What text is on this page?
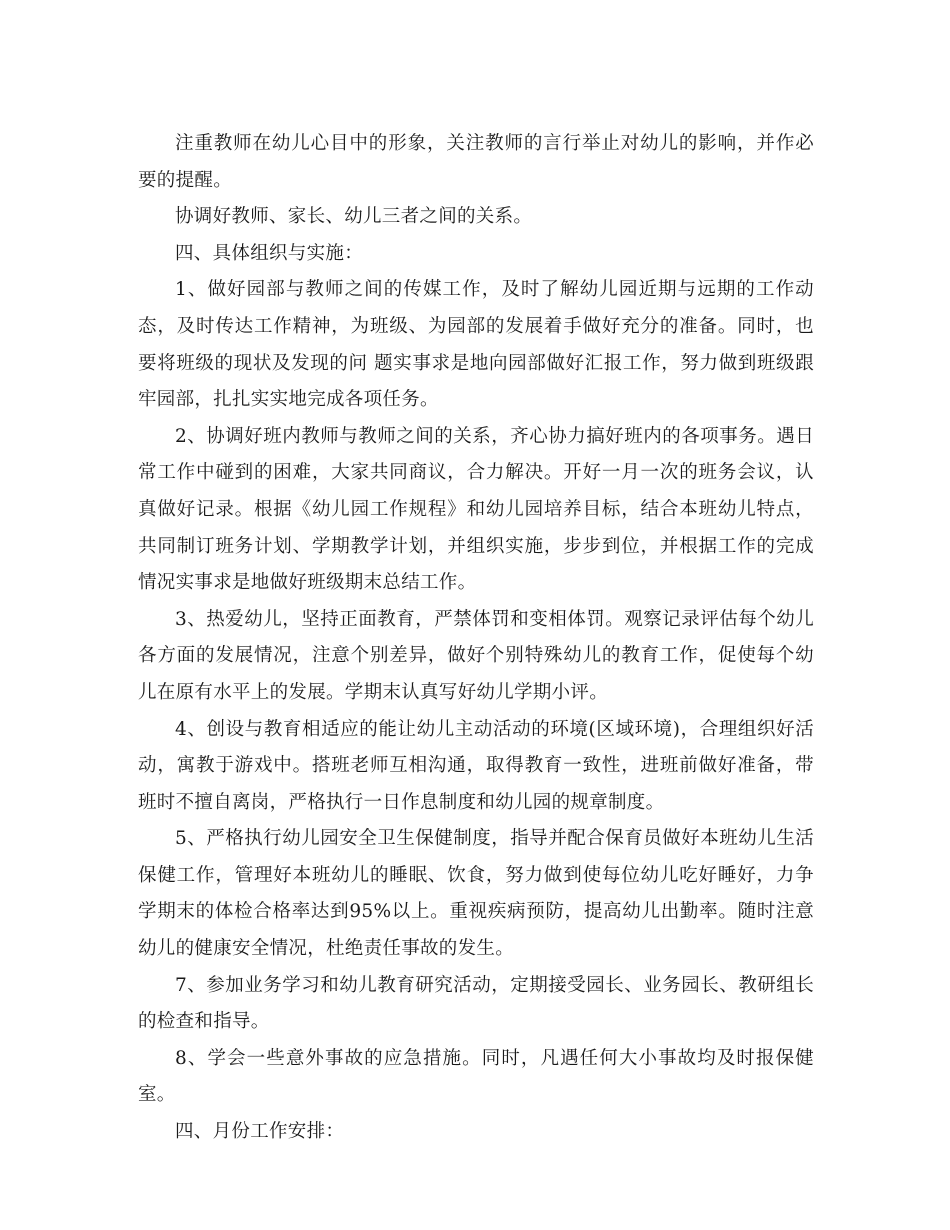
注重教师在幼儿心目中的形象，关注教师的言行举止对幼儿的影响，并作必要的提醒。

协调好教师、家长、幼儿三者之间的关系。

四、具体组织与实施：

1、做好园部与教师之间的传媒工作，及时了解幼儿园近期与远期的工作动态，及时传达工作精神，为班级、为园部的发展着手做好充分的准备。同时，也要将班级的现状及发现的问 题实事求是地向园部做好汇报工作，努力做到班级跟牢园部，扎扎实实地完成各项任务。

2、协调好班内教师与教师之间的关系，齐心协力搞好班内的各项事务。遇日常工作中碰到的困难，大家共同商议，合力解决。开好一月一次的班务会议，认真做好记录。根据《幼儿园工作规程》和幼儿园培养目标，结合本班幼儿特点，共同制订班务计划、学期教学计划，并组织实施，步步到位，并根据工作的完成情况实事求是地做好班级期末总结工作。

3、热爱幼儿，坚持正面教育，严禁体罚和变相体罚。观察记录评估每个幼儿各方面的发展情况，注意个别差异，做好个别特殊幼儿的教育工作，促使每个幼儿在原有水平上的发展。学期末认真写好幼儿学期小评。

4、创设与教育相适应的能让幼儿主动活动的环境(区域环境)，合理组织好活动，寓教于游戏中。搭班老师互相沟通，取得教育一致性，进班前做好准备，带班时不擅自离岗，严格执行一日作息制度和幼儿园的规章制度。

5、严格执行幼儿园安全卫生保健制度，指导并配合保育员做好本班幼儿生活保健工作，管理好本班幼儿的睡眠、饮食，努力做到使每位幼儿吃好睡好，力争学期末的体检合格率达到95%以上。重视疾病预防，提高幼儿出勤率。随时注意幼儿的健康安全情况，杜绝责任事故的发生。

7、参加业务学习和幼儿教育研究活动，定期接受园长、业务园长、教研组长的检查和指导。

8、学会一些意外事故的应急措施。同时，凡遇任何大小事故均及时报保健室。

四、月份工作安排：
